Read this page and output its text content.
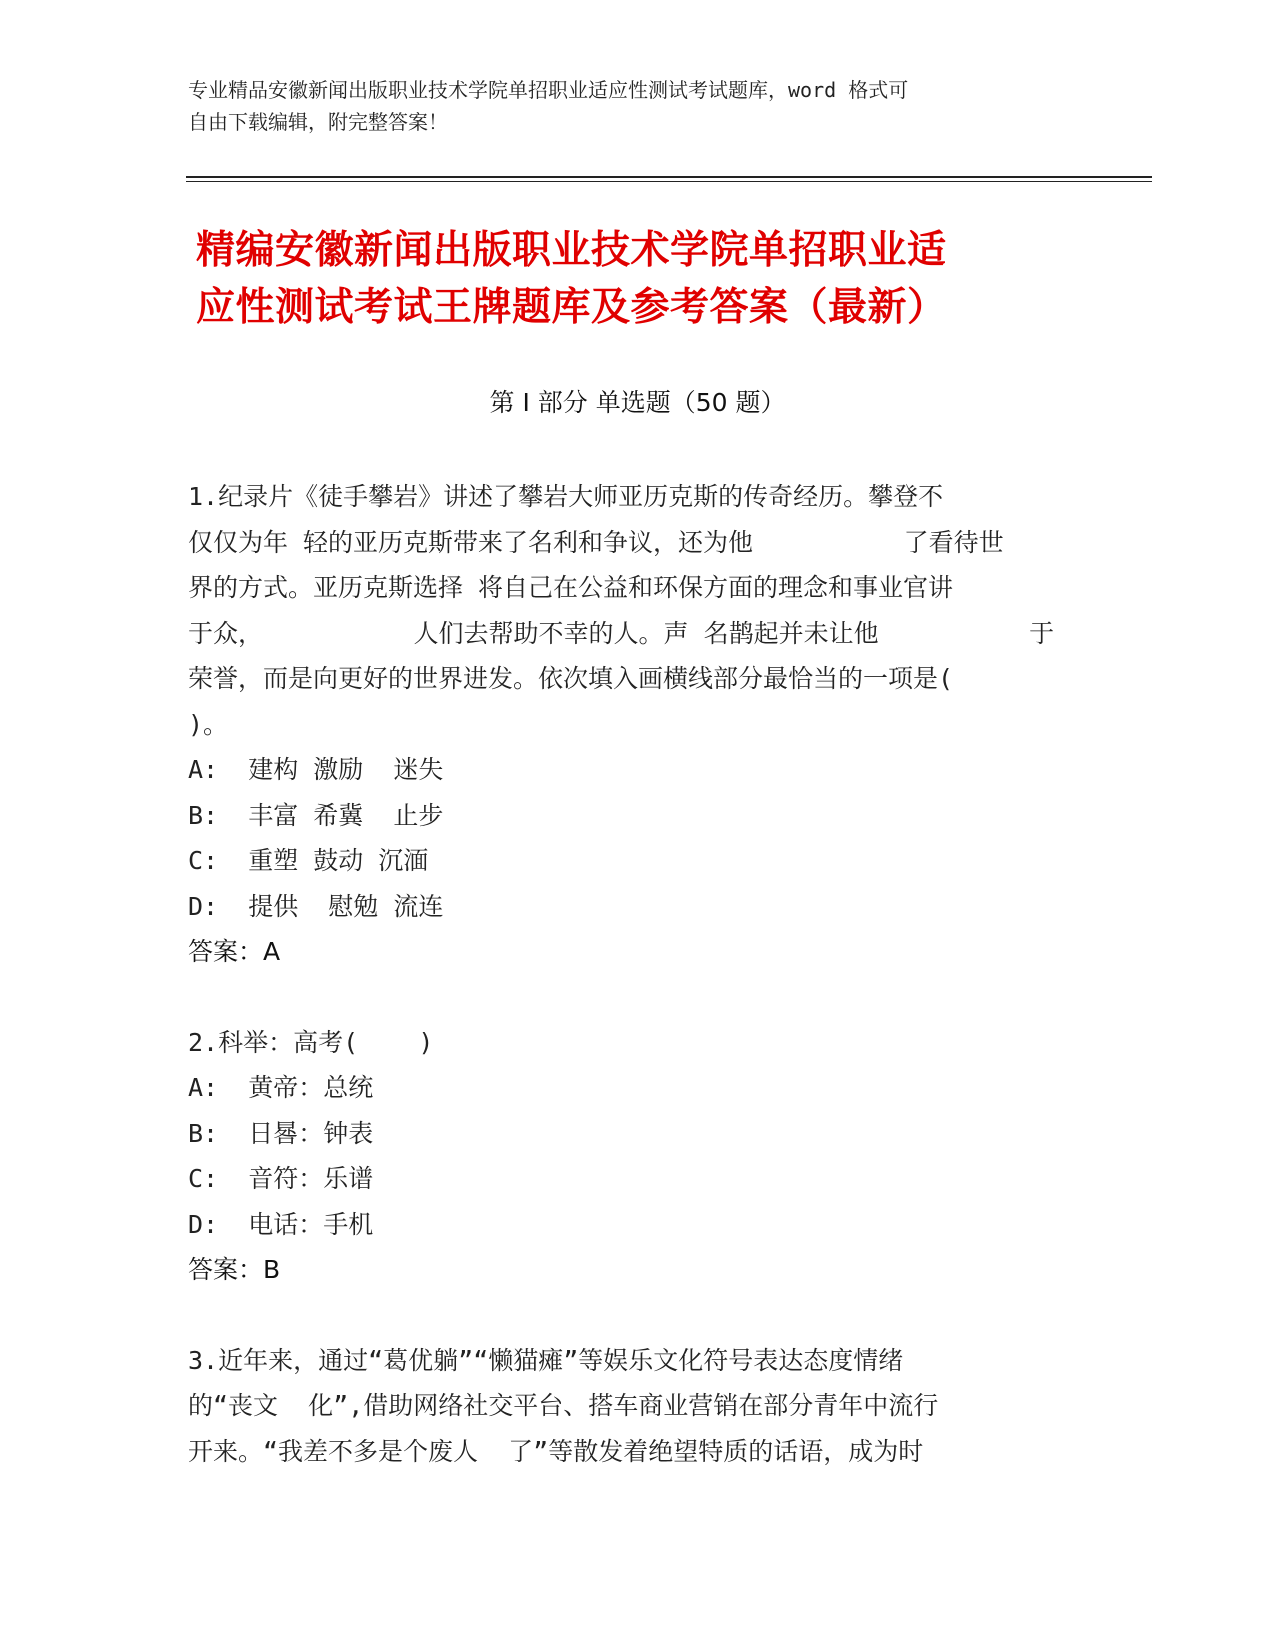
专业精品安徽新闻出版职业技术学院单招职业适应性测试考试题库，word 格式可
自由下载编辑，附完整答案！
精编安徽新闻出版职业技术学院单招职业适
应性测试考试王牌题库及参考答案（最新）
第 I 部分 单选题（50 题）

1.纪录片《徒手攀岩》讲述了攀岩大师亚历克斯的传奇经历。攀登不

仅仅为年 轻的亚历克斯带来了名利和争议，还为他          了看待世

界的方式。亚历克斯选择 将自己在公益和环保方面的理念和事业官讲

于众，          人们去帮助不幸的人。声 名鹊起并未让他          于

荣誉，而是向更好的世界进发。依次填入画横线部分最恰当的一项是(

)。

A:  建构 激励  迷失

B:  丰富 希冀  止步

C:  重塑 鼓动 沉湎

D:  提供  慰勉 流连

答案：A

2.科举：高考(    )

A:  黄帝：总统

B:  日晷：钟表

C:  音符：乐谱

D:  电话：手机

答案：B

3.近年来，通过“葛优躺”“懒猫瘫”等娱乐文化符号表达态度情绪

的“丧文  化”,借助网络社交平台、搭车商业营销在部分青年中流行

开来。“我差不多是个废人  了”等散发着绝望特质的话语，成为时
